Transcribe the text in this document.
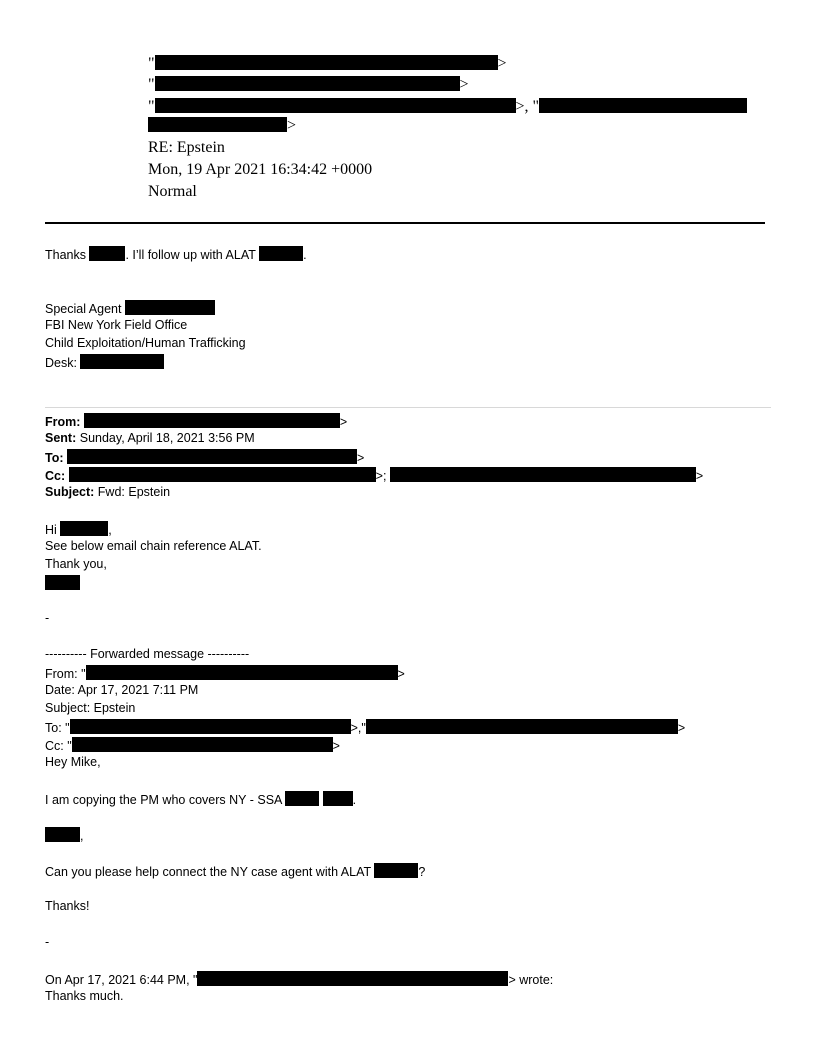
"	>
"	>
"	>, "
>
RE: Epstein
Mon, 19 Apr 2021 16:34:42 +0000
Normal
Thanks	. I’ll follow up with ALAT	.
Special Agent
FBI New York Field Office
Child Exploitation/Human Trafficking
Desk:
From:	>
Sent: Sunday, April 18, 2021 3:56 PM
To:	>
Cc:	>;	>
Subject: Fwd: Epstein
Hi	,
See below email chain reference ALAT.
Thank you,
-
---------- Forwarded message ----------
From: "	>
Date: Apr 17, 2021 7:11 PM
Subject: Epstein
To: "	>,"	>
Cc: "	>
Hey Mike,
I am copying the PM who covers NY - SSA	.
,
Can you please help connect the NY case agent with ALAT	?
Thanks!
-
On Apr 17, 2021 6:44 PM, "	> wrote:
Thanks much.
